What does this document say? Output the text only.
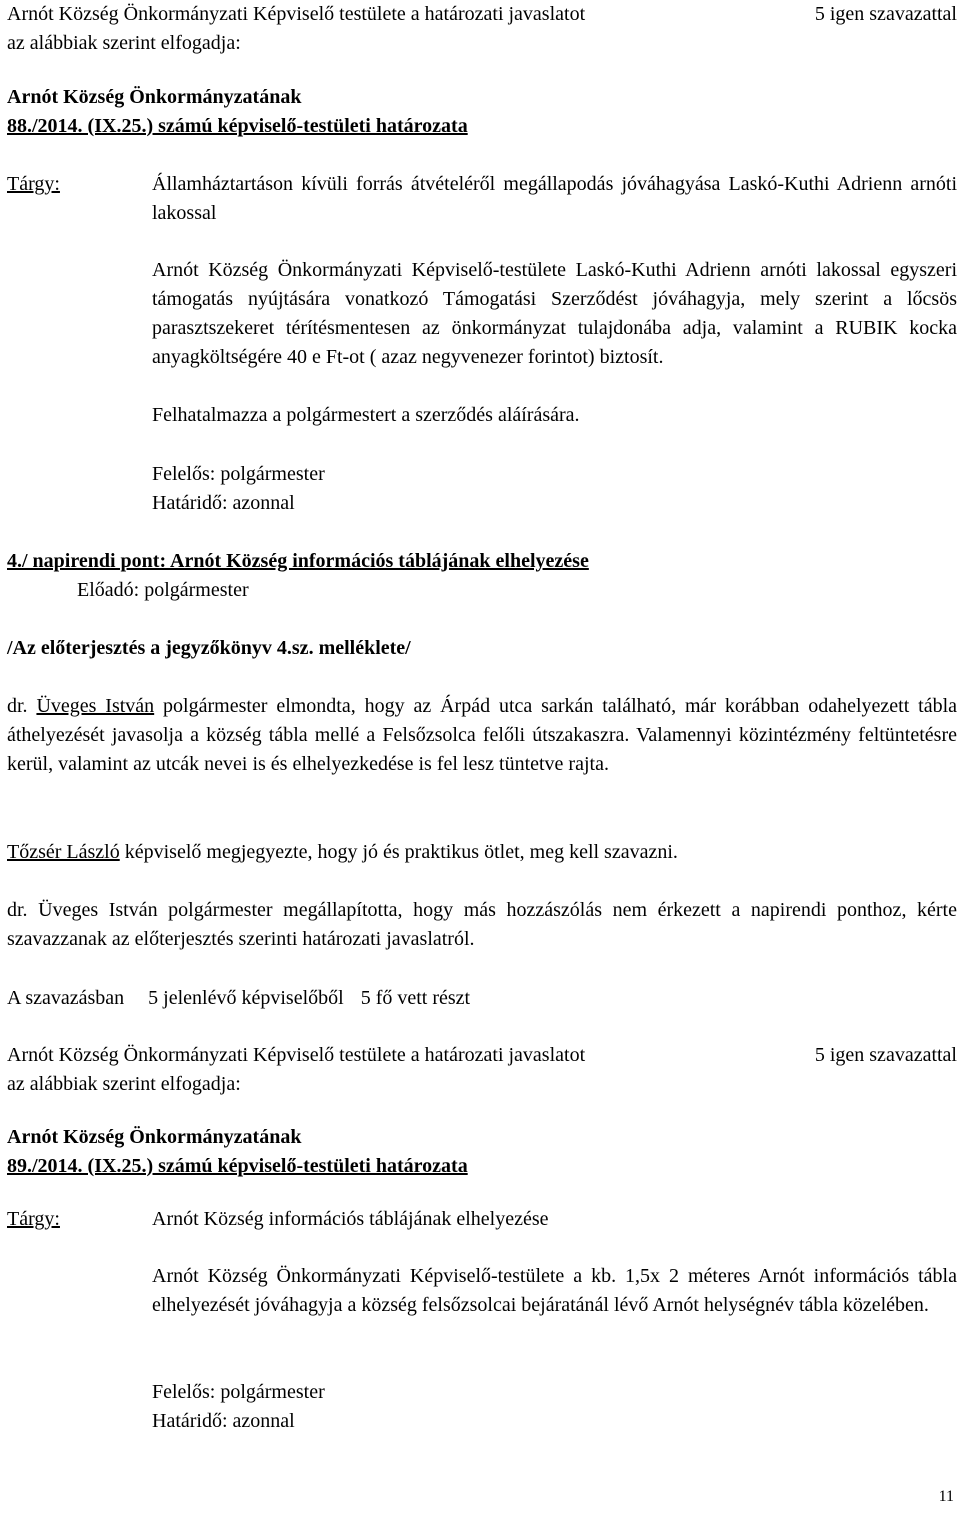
Arnót Község Önkormányzati Képviselő testülete a határozati javaslatot	5 igen szavazattal
az alábbiak szerint elfogadja:
Arnót Község Önkormányzatának
88./2014. (IX.25.) számú képviselő-testületi határozata
Tárgy:	Államháztartáson kívüli forrás átvételéről megállapodás jóváhagyása Laskó-Kuthi Adrienn arnóti lakossal
Arnót Község Önkormányzati Képviselő-testülete Laskó-Kuthi Adrienn arnóti lakossal egyszeri támogatás nyújtására vonatkozó Támogatási Szerződést jóváhagyja, mely szerint a lőcsös parasztszekeret térítésmentesen az önkormányzat tulajdonába adja, valamint a RUBIK kocka anyagköltségére 40 e Ft-ot ( azaz negyvenezer forintot) biztosít.
Felhatalmazza a polgármestert a szerződés aláírására.
Felelős: polgármester
Határidő: azonnal
4./ napirendi pont: Arnót Község információs táblájának elhelyezése
Előadó: polgármester
/Az előterjesztés a jegyzőkönyv 4.sz. melléklete/
dr. Üveges István polgármester elmondta, hogy az Árpád utca sarkán található, már korábban odahelyezett tábla áthelyezését javasolja a község tábla mellé a Felsőzsolca felőli útszakaszra. Valamennyi közintézmény feltüntetésre kerül, valamint az utcák nevei is és elhelyezkedése is fel lesz tüntetve rajta.
Tőzsér László képviselő megjegyezte, hogy jó és praktikus ötlet, meg kell szavazni.
dr. Üveges István polgármester megállapította, hogy más hozzászólás nem érkezett a napirendi ponthoz, kérte szavazzanak az előterjesztés szerinti határozati javaslatról.
A szavazásban 5 jelenlévő képviselőből 5 fő vett részt
Arnót Község Önkormányzati Képviselő testülete a határozati javaslatot	5 igen szavazattal
az alábbiak szerint elfogadja:
Arnót Község Önkormányzatának
89./2014. (IX.25.) számú képviselő-testületi határozata
Tárgy:	Arnót Község információs táblájának elhelyezése
Arnót Község Önkormányzati Képviselő-testülete a kb. 1,5x 2 méteres Arnót információs tábla elhelyezését jóváhagyja a község felsőzsolcai bejáratánál lévő Arnót helységnév tábla közelében.
Felelős: polgármester
Határidő: azonnal
11
